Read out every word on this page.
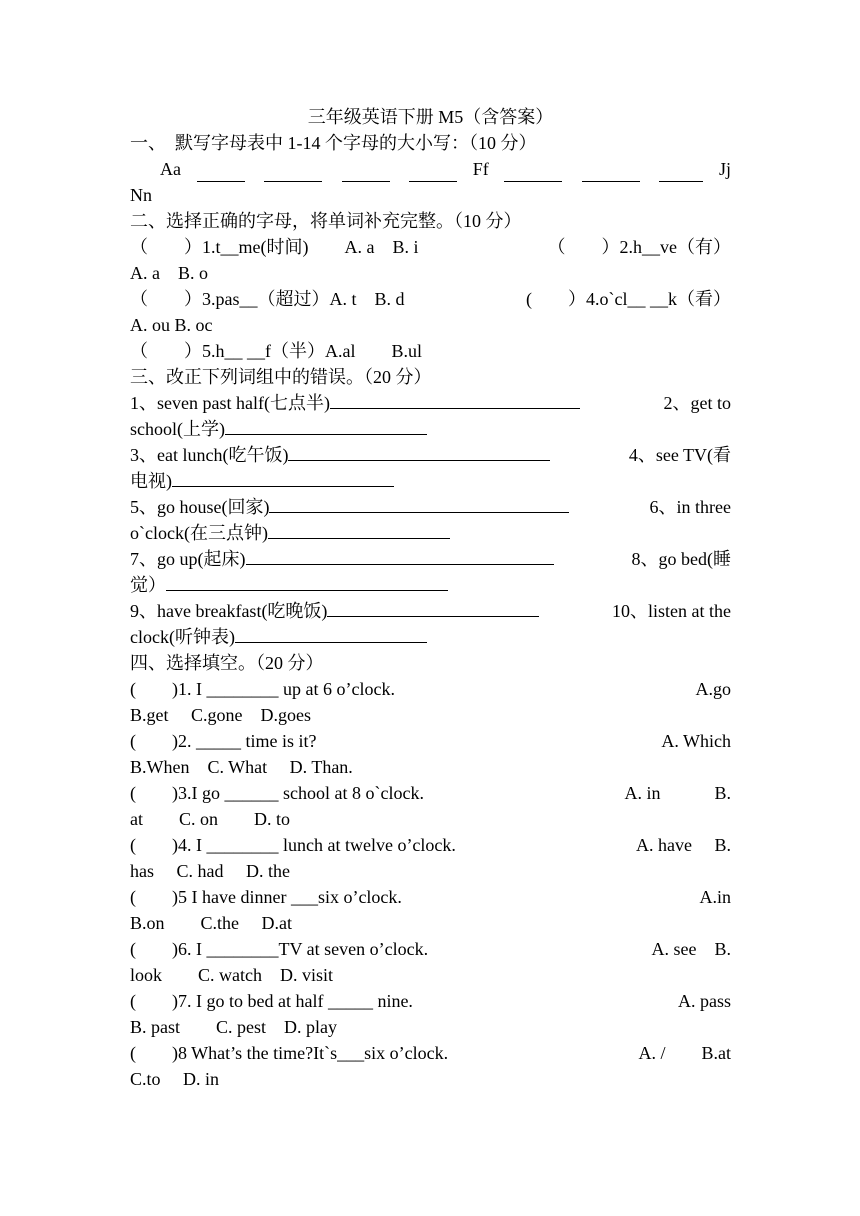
三年级英语下册 M5（含答案）
一、　默写字母表中 1-14 个字母的大小写：（10 分）
Aa	Ff	Jj
Nn
二、选择正确的字母，将单词补充完整。（10 分）
（　　）1.t__me(时间)　　A. a　B. i	（　　）2.h__ve（有）
A. a　B. o
（　　）3.pas__（超过）A. t　B. d	(　　）4.o`cl__ __k（看）
A. ou B. oc
（　　）5.h__ __f（半）A.al　　B.ul
三、改正下列词组中的错误。（20 分）
1、seven past half(七点半)	2、get to
school(上学)
3、eat lunch(吃午饭)	4、see TV(看
电视)
5、go house(回家)	6、in three
o`clock(在三点钟)
7、go up(起床)	8、go bed(睡
觉）
9、have breakfast(吃晚饭)	10、listen at the
clock(听钟表)
四、选择填空。（20 分）
(　　)1. I ________ up at 6 o’clock.	A.go
B.get　 C.gone　D.goes
(　　)2. _____ time is it?	A. Which
B.When　C. What　 D. Than.
(　　)3.I go ______ school at 8 o`clock.	A. in　　　B.
at　　C. on　　D. to
(　　)4. I ________ lunch at twelve o’clock.	A. have　 B.
has　 C. had　 D. the
(　　)5 I have dinner ___six o’clock.	A.in
B.on　　C.the　 D.at
(　　)6. I ________TV at seven o’clock.	A. see　B.
look　　C. watch　D. visit
(　　)7. I go to bed at half _____ nine.	A. pass
B. past　　C. pest　D. play
(　　)8 What’s the time?It`s___six o’clock.	A. /　　B.at
C.to　 D. in
